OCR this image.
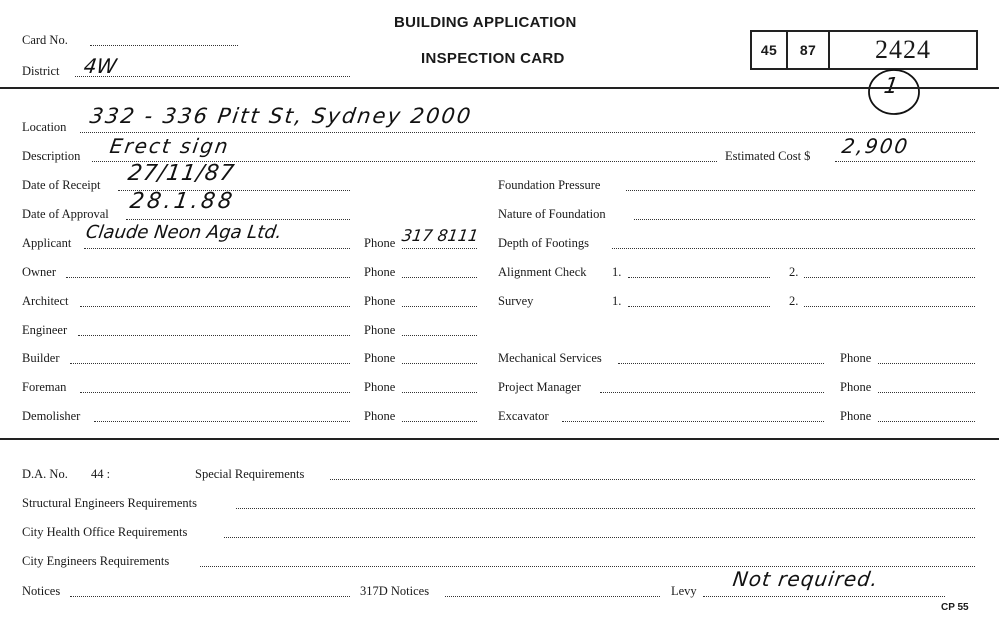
Card No.
District 4W
BUILDING APPLICATION
INSPECTION CARD	45	87	2424
1
Location 332 - 336 Pitt St, Sydney 2000
Description Erect sign	Estimated Cost $ 2,900
Date of Receipt 27/11/87
Date of Approval 28.1.88
Applicant Claude Neon Aga Ltd.	Phone 317 8111
Owner	Phone
Architect	Phone
Engineer	Phone
Builder	Phone
Foreman	Phone
Demolisher	Phone
Foundation Pressure
Nature of Foundation
Depth of Footings
Alignment Check 1.	2.
Survey	1.	2.
Mechanical Services	Phone
Project Manager	Phone
Excavator	Phone
D.A. No. 44 :	Special Requirements
Structural Engineers Requirements
City Health Office Requirements
City Engineers Requirements
Notices	317D Notices	Levy Not required.
CP 55
